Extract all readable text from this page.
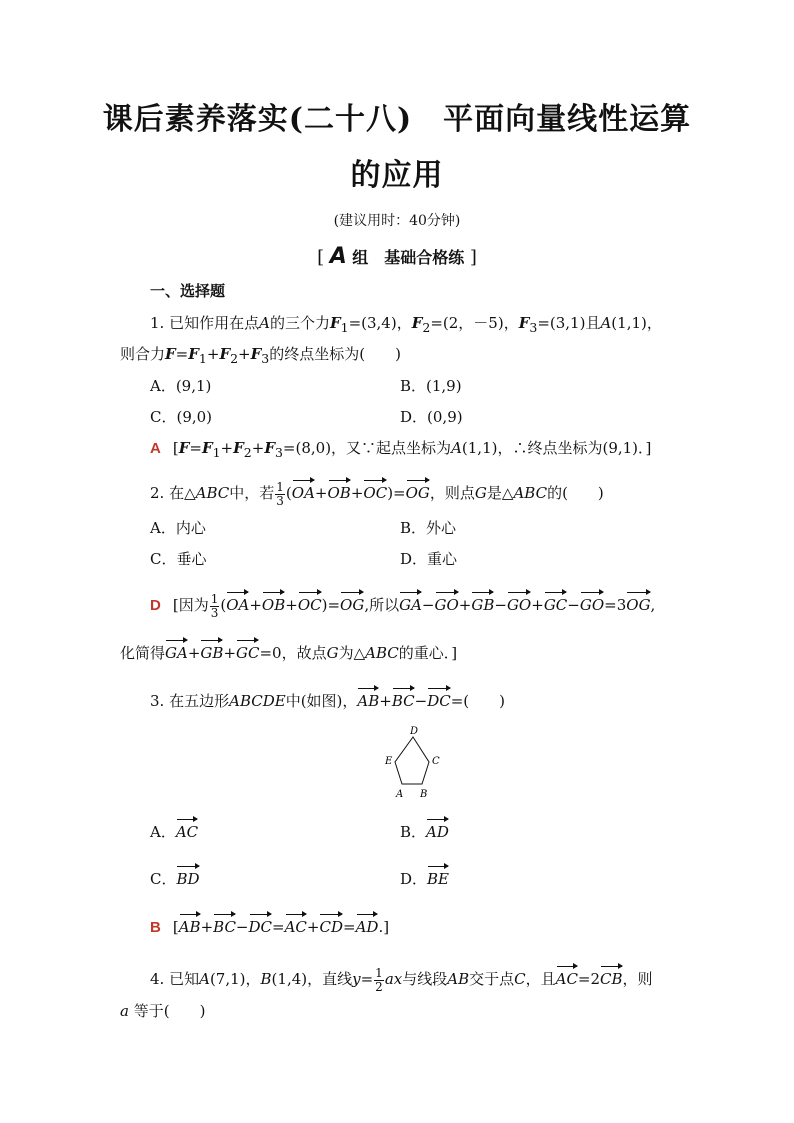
课后素养落实(二十八)　平面向量线性运算
的应用
(建议用时：40分钟)
[ A 组　基础合格练 ]
一、选择题
1. 已知作用在点A的三个力$F_1=(3,4)$，$F_2=(2$，－5)，$F_3=(3,1)$且A(1,1)，
则合力$F=F_1+F_2+F_3$的终点坐标为(　　)
A．(9,1)	B．(1,9)
C．(9,0)	D．(0,9)
A [$F=F_1+F_2+F_3=(8,0)$，又∵起点坐标为A(1,1)，∴终点坐标为(9,1)．]
2. 在△ABC中，若 $\frac{1}{3} (OA+OB+OC)=OG$，则点G是△ABC的(　　)
A．内心	B．外心
C．垂心	D．重心
D [因为 $\frac{1}{3} (OA+OB+OC)=OG$,所以GA−GO+GB−GO+GC−GO=3OG,
化简得GA+GB+GC=0，故点G为△ABC的重心．]
3. 在五边形ABCDE中(如图)，AB+BC−DC=(　　)
A B
C
D
E
A．AC	B．AD
C．BD	D．BE
B [AB+BC−DC=AC+CD=AD.]
4. 已知A(7,1)，B(1,4)，直线$y= \frac{1}{2}$ ax与线段AB交于点C，且AC=2CB，则
a 等于(　　)
